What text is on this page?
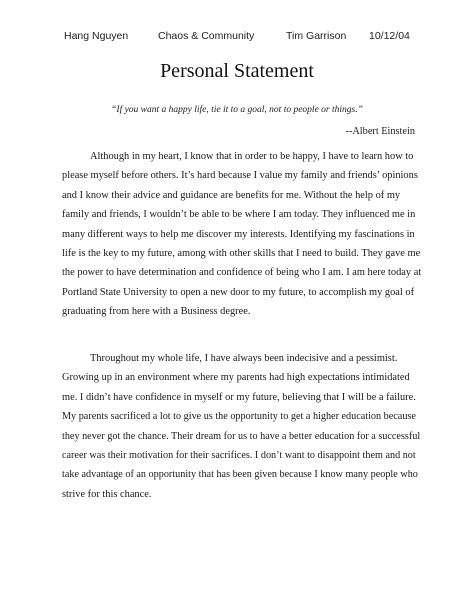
Hang Nguyen	Chaos & Community	Tim Garrison 10/12/04
Personal Statement
“If you want a happy life, tie it to a goal, not to people or things.”
--Albert Einstein
Although in my heart, I know that in order to be happy, I have to learn how to
please myself before others. It’s hard because I value my family and friends’ opinions
and I know their advice and guidance are benefits for me. Without the help of my
family and friends, I wouldn’t be able to be where I am today. They influenced me in
many different ways to help me discover my interests. Identifying my fascinations in
life is the key to my future, among with other skills that I need to build. They gave me
the power to have determination and confidence of being who I am. I am here today at
Portland State University to open a new door to my future, to accomplish my goal of
graduating from here with a Business degree.
Throughout my whole life, I have always been indecisive and a pessimist.
Growing up in an environment where my parents had high expectations intimidated
me. I didn’t have confidence in myself or my future, believing that I will be a failure.
My parents sacrificed a lot to give us the opportunity to get a higher education because
they never got the chance. Their dream for us to have a better education for a successful
career was their motivation for their sacrifices. I don’t want to disappoint them and not
take advantage of an opportunity that has been given because I know many people who
strive for this chance.
